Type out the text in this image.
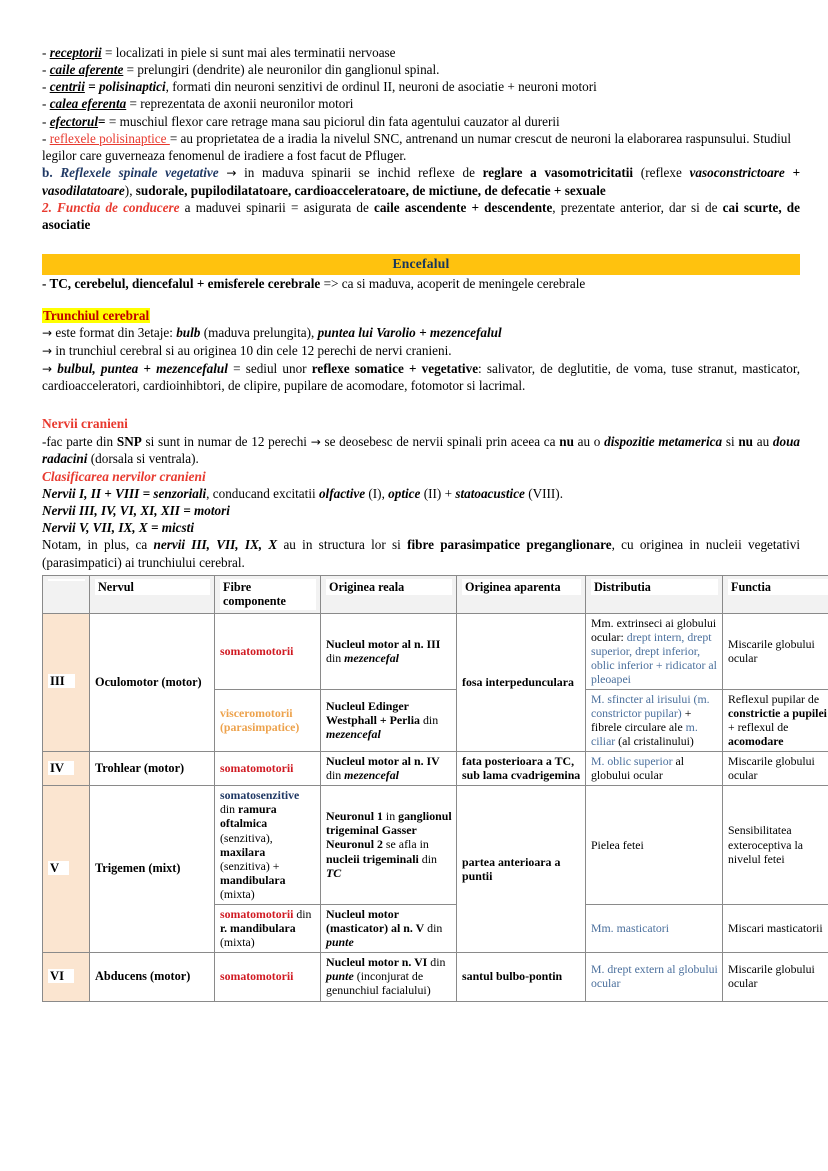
- receptorii = localizati in piele si sunt mai ales terminatii nervoase

- caile aferente = prelungiri (dendrite) ale neuronilor din ganglionul spinal.

- centrii = polisinaptici, formati din neuroni senzitivi de ordinul II, neuroni de asociatie + neuroni motori

- calea eferenta = reprezentata de axonii neuronilor motori

- efectorul= = muschiul flexor care retrage mana sau piciorul din fata agentului cauzator al durerii

- reflexele polisinaptice = au proprietatea de a iradia la nivelul SNC, antrenand un numar crescut de neuroni la elaborarea raspunsului. Studiul legilor care guverneaza fenomenul de iradiere a fost facut de Pfluger.

b. Reflexele spinale vegetative → in maduva spinarii se inchid reflexe de reglare a vasomotricitatii (reflexe vasoconstrictoare + vasodilatatoare), sudorale, pupilodilatatoare, cardioacceleratoare, de mictiune, de defecatie + sexuale

2. Functia de conducere a maduvei spinarii = asigurata de caile ascendente + descendente, prezentate anterior, dar si de cai scurte, de asociatie

Encefalul

- TC, cerebelul, diencefalul + emisferele cerebrale => ca si maduva, acoperit de meningele cerebrale

Trunchiul cerebral

→ este format din 3etaje: bulb (maduva prelungita), puntea lui Varolio + mezencefalul

→ in trunchiul cerebral si au originea 10 din cele 12 perechi de nervi cranieni.

→ bulbul, puntea + mezencefalul = sediul unor reflexe somatice + vegetative: salivator, de deglutitie, de voma, tuse stranut, masticator, cardioacceleratori, cardioinhibtori, de clipire, pupilare de acomodare, fotomotor si lacrimal.

Nervii cranieni

-fac parte din SNP si sunt in numar de 12 perechi → se deosebesc de nervii spinali prin aceea ca nu au o dispozitie metamerica si nu au doua radacini (dorsala si ventrala).

Clasificarea nervilor cranieni

Nervii I, II + VIII = senzoriali, conducand excitatii olfactive (I), optice (II) + statoacustice (VIII).

Nervii III, IV, VI, XI, XII = motori

Nervii V, VII, IX, X = micsti

Notam, in plus, ca nervii III, VII, IX, X au in structura lor si fibre parasimpatice preganglionare, cu originea in nucleii vegetativi (parasimpatici) ai trunchiului cerebral.

	Nervul	Fibre componente	Originea reala	Originea aparenta	Distributia	Functia

III	Oculomotor (motor)	somatomotorii	Nucleul motor al n. III din mezencefal	fosa interpedunculara	Mm. extrinseci ai globului ocular: drept intern, drept superior, drept inferior, oblic inferior + ridicator al pleoapei	Miscarile globului ocular
		visceromotorii (parasimpatice)	Nucleul Edinger Westphall + Perlia din mezencefal		M. sfincter al irisului (m. constrictor pupilar) + fibrele circulare ale m. ciliar (al cristalinului)	Reflexul pupilar de constrictie a pupilei + reflexul de acomodare
IV	Trohlear (motor)	somatomotorii	Nucleul motor al n. IV din mezencefal	fata posterioara a TC, sub lama cvadrigemina	M. oblic superior al globului ocular	Miscarile globului ocular
V	Trigemen (mixt)	somatosenzitive din ramura oftalmica (senzitiva), maxilara (senzitiva) + mandibulara (mixta)	Neuronul 1 in ganglionul trigeminal Gasser Neuronul 2 se afla in nucleii trigeminali din TC	partea anterioara a puntii	Pielea fetei	Sensibilitatea exteroceptiva la nivelul fetei
		somatomotorii din r. mandibulara (mixta)	Nucleul motor (masticator) al n. V din punte		Mm. masticatori	Miscari masticatorii
VI	Abducens (motor)	somatomotorii	Nucleul motor n. VI din punte (inconjurat de genunchiul facialului)	santul bulbo-pontin	M. drept extern al globului ocular	Miscarile globului ocular
